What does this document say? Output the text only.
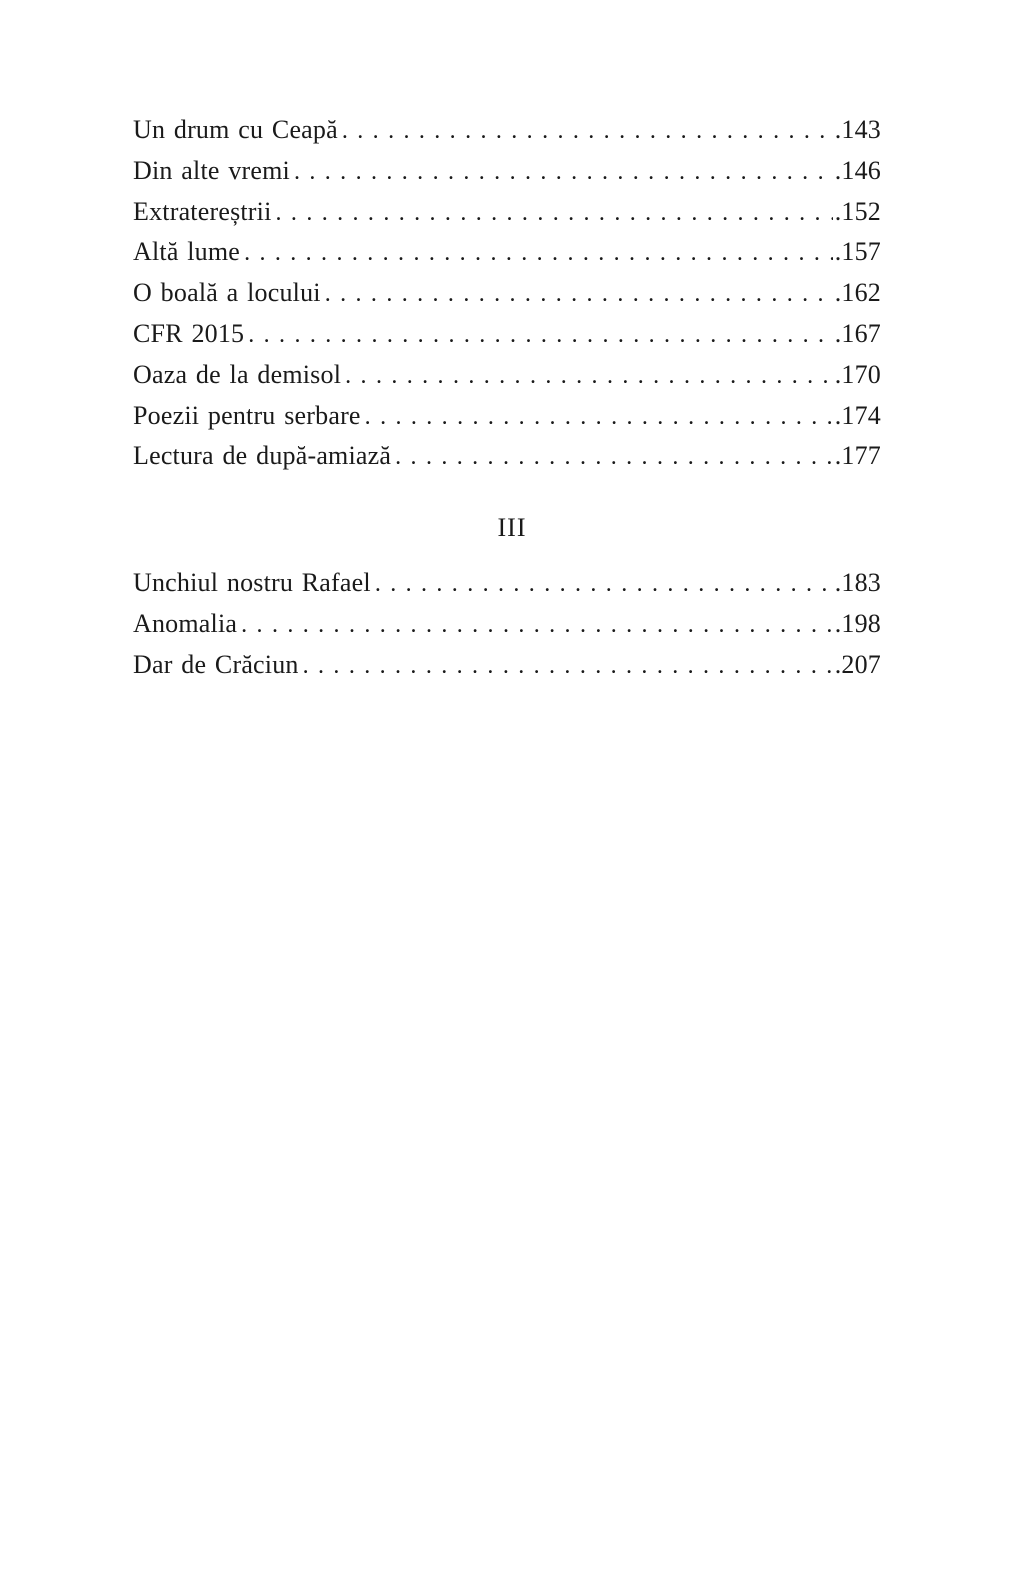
Un drum cu Ceapă . . .	.143
Din alte vremi . . .	.146
Extratereștrii . . .	.152
Altă lume . . .	.157
O boală a locului . . .	.162
CFR 2015 . . .	.167
Oaza de la demisol . . .	.170
Poezii pentru serbare . . .	.174
Lectura de după-amiază . . .	.177
III
Unchiul nostru Rafael . . .	.183
Anomalia . . .	.198
Dar de Crăciun . . .	.207
